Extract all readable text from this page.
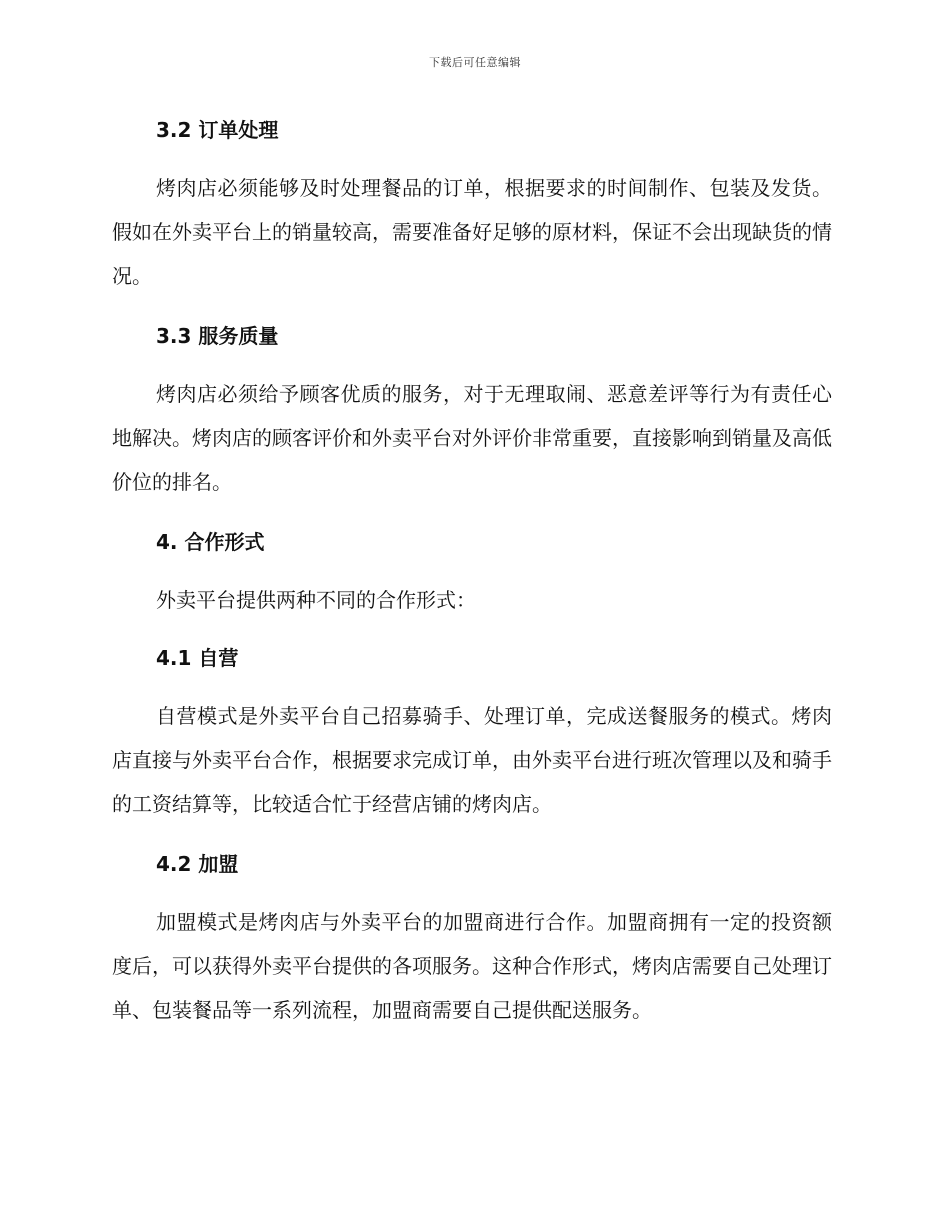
下载后可任意编辑
3.2 订单处理

烤肉店必须能够及时处理餐品的订单，根据要求的时间制作、包装及发货。假如在外卖平台上的销量较高，需要准备好足够的原材料，保证不会出现缺货的情况。

3.3 服务质量

烤肉店必须给予顾客优质的服务，对于无理取闹、恶意差评等行为有责任心地解决。烤肉店的顾客评价和外卖平台对外评价非常重要，直接影响到销量及高低价位的排名。

4. 合作形式

外卖平台提供两种不同的合作形式：

4.1 自营

自营模式是外卖平台自己招募骑手、处理订单，完成送餐服务的模式。烤肉店直接与外卖平台合作，根据要求完成订单，由外卖平台进行班次管理以及和骑手的工资结算等，比较适合忙于经营店铺的烤肉店。

4.2 加盟

加盟模式是烤肉店与外卖平台的加盟商进行合作。加盟商拥有一定的投资额度后，可以获得外卖平台提供的各项服务。这种合作形式，烤肉店需要自己处理订单、包装餐品等一系列流程，加盟商需要自己提供配送服务。
